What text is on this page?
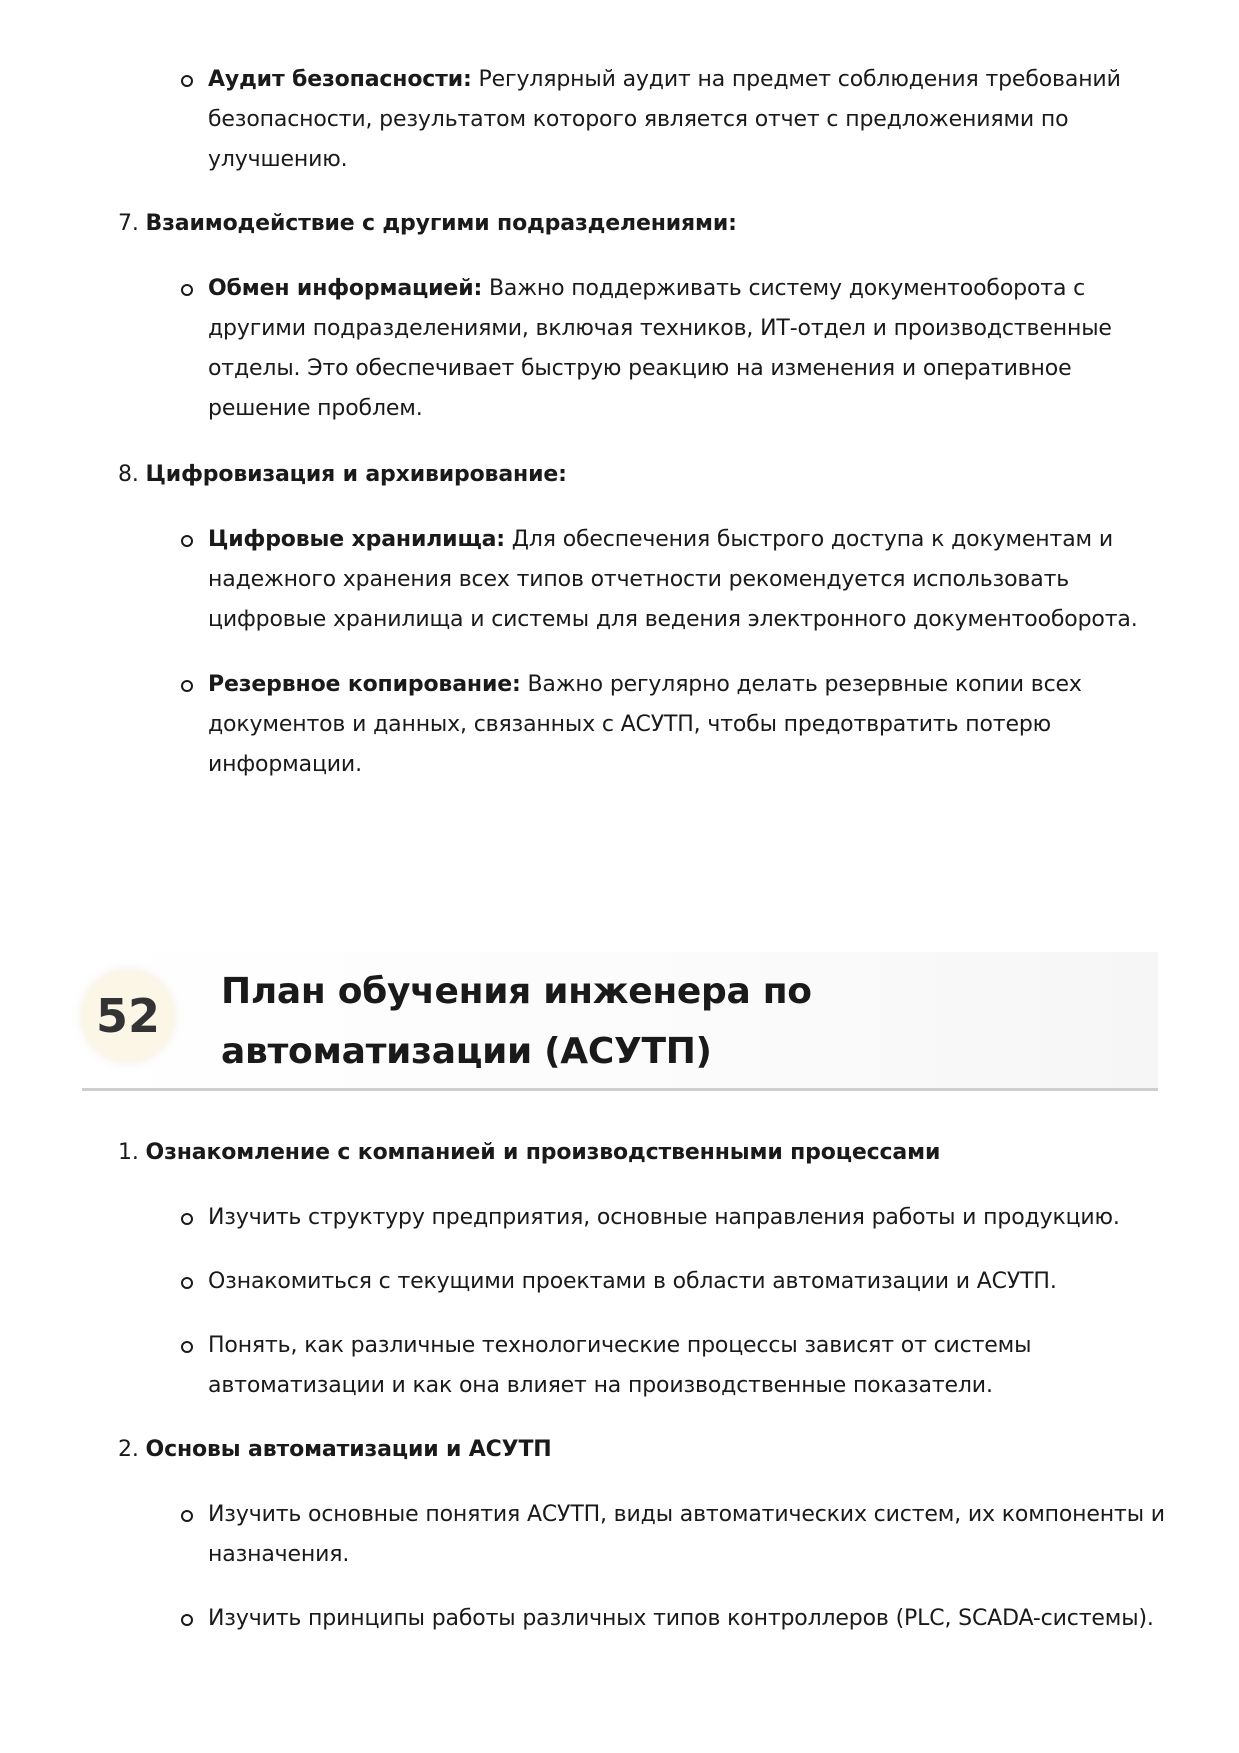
Аудит безопасности: Регулярный аудит на предмет соблюдения требований безопасности, результатом которого является отчет с предложениями по улучшению.
7. Взаимодействие с другими подразделениями:
Обмен информацией: Важно поддерживать систему документооборота с другими подразделениями, включая техников, ИТ-отдел и производственные отделы. Это обеспечивает быструю реакцию на изменения и оперативное решение проблем.
8. Цифровизация и архивирование:
Цифровые хранилища: Для обеспечения быстрого доступа к документам и надежного хранения всех типов отчетности рекомендуется использовать цифровые хранилища и системы для ведения электронного документооборота.
Резервное копирование: Важно регулярно делать резервные копии всех документов и данных, связанных с АСУТП, чтобы предотвратить потерю информации.
52	План обучения инженера по автоматизации (АСУТП)
1. Ознакомление с компанией и производственными процессами
Изучить структуру предприятия, основные направления работы и продукцию.
Ознакомиться с текущими проектами в области автоматизации и АСУТП.
Понять, как различные технологические процессы зависят от системы автоматизации и как она влияет на производственные показатели.
2. Основы автоматизации и АСУТП
Изучить основные понятия АСУТП, виды автоматических систем, их компоненты и назначения.
Изучить принципы работы различных типов контроллеров (PLC, SCADA-системы).
